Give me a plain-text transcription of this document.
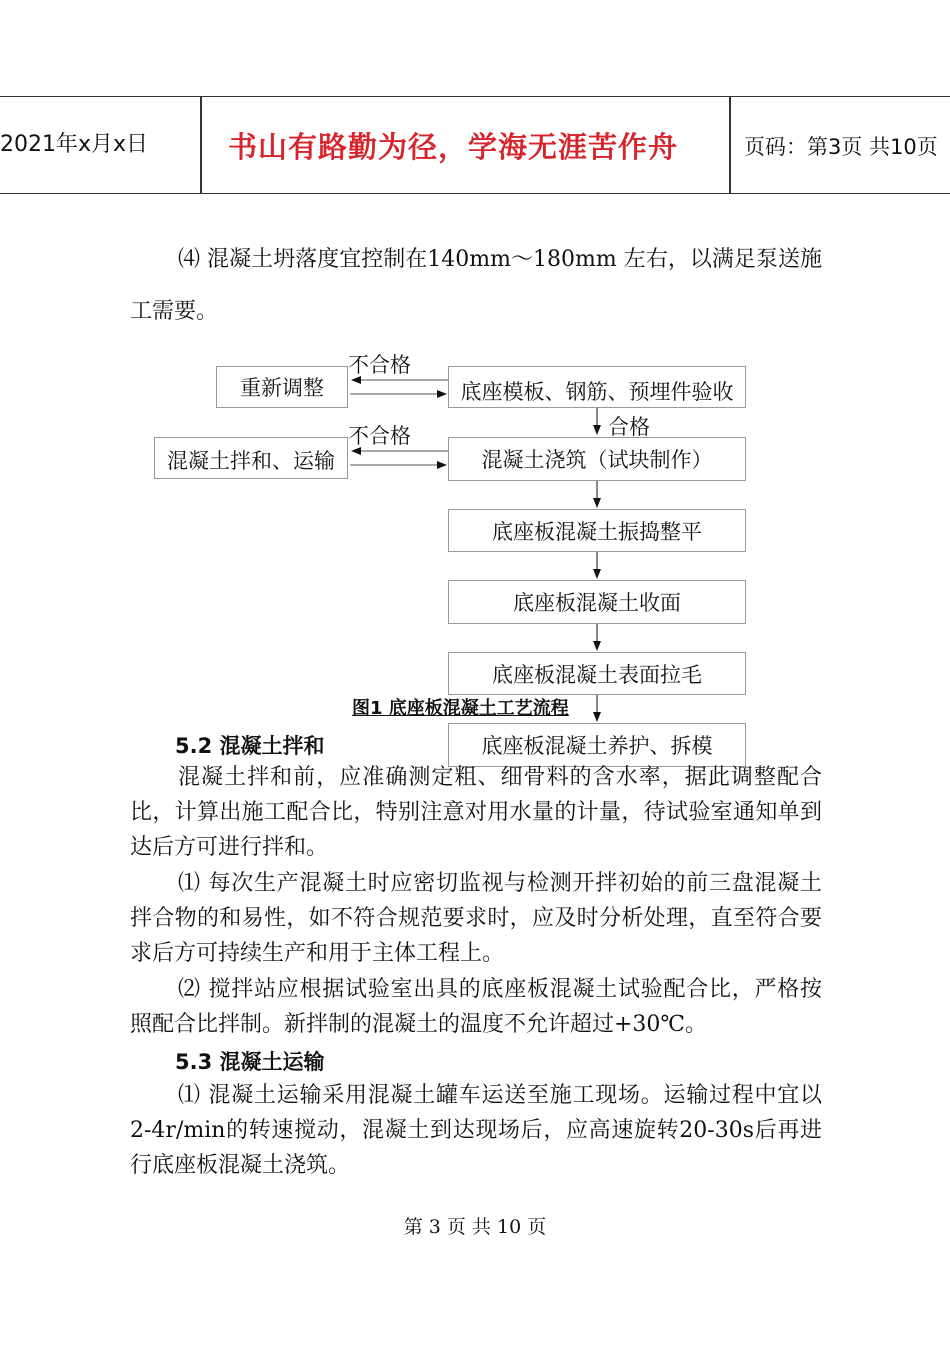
2021年x月x日	书山有路勤为径，学海无涯苦作舟	页码：第3页 共10页

⑷ 混凝土坍落度宜控制在140mm～180mm 左右，以满足泵送施工需要。

重新调整	底座模板、钢筋、预埋件验收
混凝土拌和、运输	混凝土浇筑（试块制作）
底座板混凝土振捣整平
底座板混凝土收面
底座板混凝土表面拉毛
底座板混凝土养护、拆模
不合格
不合格	合格
图1 底座板混凝土工艺流程
5.2 混凝土拌和

混凝土拌和前，应准确测定粗、细骨料的含水率，据此调整配合比，计算出施工配合比，特别注意对用水量的计量，待试验室通知单到达后方可进行拌和。

⑴ 每次生产混凝土时应密切监视与检测开拌初始的前三盘混凝土拌合物的和易性，如不符合规范要求时，应及时分析处理，直至符合要求后方可持续生产和用于主体工程上。

⑵ 搅拌站应根据试验室出具的底座板混凝土试验配合比，严格按照配合比拌制。新拌制的混凝土的温度不允许超过+30℃。

5.3 混凝土运输

⑴ 混凝土运输采用混凝土罐车运送至施工现场。运输过程中宜以2-4r/min的转速搅动，混凝土到达现场后，应高速旋转20-30s后再进行底座板混凝土浇筑。

第 3 页 共 10 页
